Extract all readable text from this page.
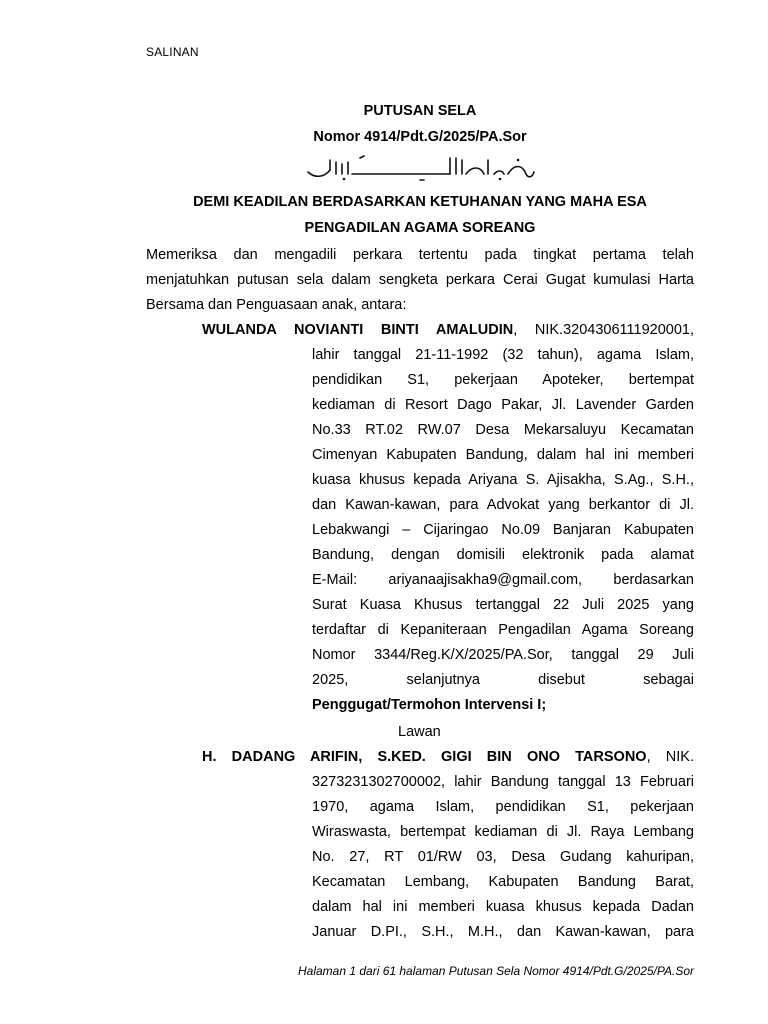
SALINAN
PUTUSAN SELA
Nomor 4914/Pdt.G/2025/PA.Sor
DEMI KEADILAN BERDASARKAN KETUHANAN YANG MAHA ESA
PENGADILAN AGAMA SOREANG
Memeriksa dan mengadili perkara tertentu pada tingkat pertama telah
menjatuhkan putusan sela dalam sengketa perkara Cerai Gugat kumulasi Harta
Bersama dan Penguasaan anak, antara:
WULANDA NOVIANTI BINTI AMALUDIN, NIK.3204306111920001,
lahir tanggal 21-11-1992 (32 tahun), agama Islam,
pendidikan S1, pekerjaan Apoteker, bertempat
kediaman di Resort Dago Pakar, Jl. Lavender Garden
No.33 RT.02 RW.07 Desa Mekarsaluyu Kecamatan
Cimenyan Kabupaten Bandung, dalam hal ini memberi
kuasa khusus kepada Ariyana S. Ajisakha, S.Ag., S.H.,
dan Kawan-kawan, para Advokat yang berkantor di Jl.
Lebakwangi – Cijaringao No.09 Banjaran Kabupaten
Bandung, dengan domisili elektronik pada alamat
E-Mail: ariyanaajisakha9@gmail.com, berdasarkan
Surat Kuasa Khusus tertanggal 22 Juli 2025 yang
terdaftar di Kepaniteraan Pengadilan Agama Soreang
Nomor 3344/Reg.K/X/2025/PA.Sor, tanggal 29 Juli
2025, selanjutnya disebut sebagai
Penggugat/Termohon Intervensi I;
Lawan
H. DADANG ARIFIN, S.KED. GIGI BIN ONO TARSONO, NIK.
3273231302700002, lahir Bandung tanggal 13 Februari
1970, agama Islam, pendidikan S1, pekerjaan
Wiraswasta, bertempat kediaman di Jl. Raya Lembang
No. 27, RT 01/RW 03, Desa Gudang kahuripan,
Kecamatan Lembang, Kabupaten Bandung Barat,
dalam hal ini memberi kuasa khusus kepada Dadan
Januar D.PI., S.H., M.H., dan Kawan-kawan, para
Halaman 1 dari 61 halaman Putusan Sela Nomor 4914/Pdt.G/2025/PA.Sor
